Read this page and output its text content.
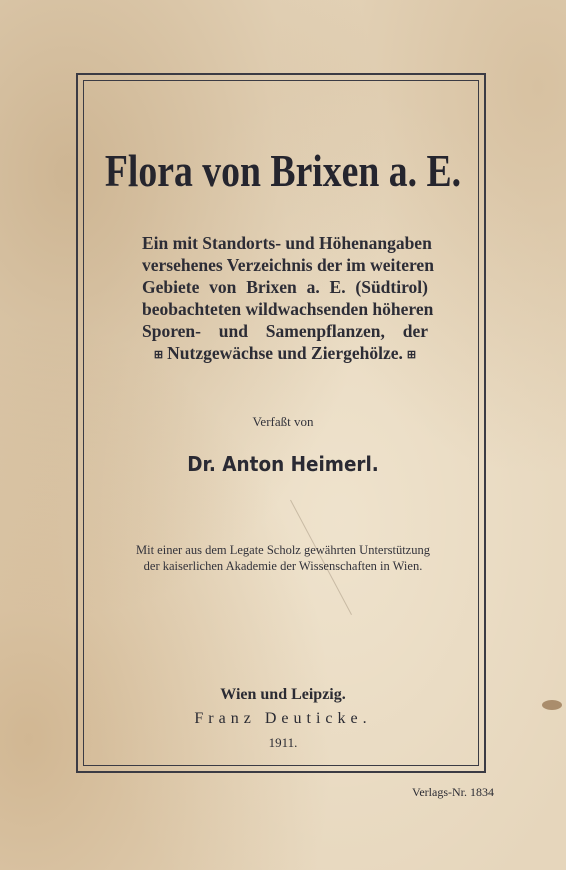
Flora von Brixen a. E.
Ein mit Standorts- und Höhenangaben
versehenes Verzeichnis der im weiteren
Gebiete von Brixen a. E. (Südtirol)
beobachteten wildwachsenden höheren
Sporen- und Samenpflanzen, der
⊞ Nutzgewächse und Ziergehölze. ⊞
Verfaßt von
Dr. Anton Heimerl.
Mit einer aus dem Legate Scholz gewährten Unterstützung
der kaiserlichen Akademie der Wissenschaften in Wien.
Wien und Leipzig.
Franz Deuticke.
1911.
Verlags-Nr. 1834
